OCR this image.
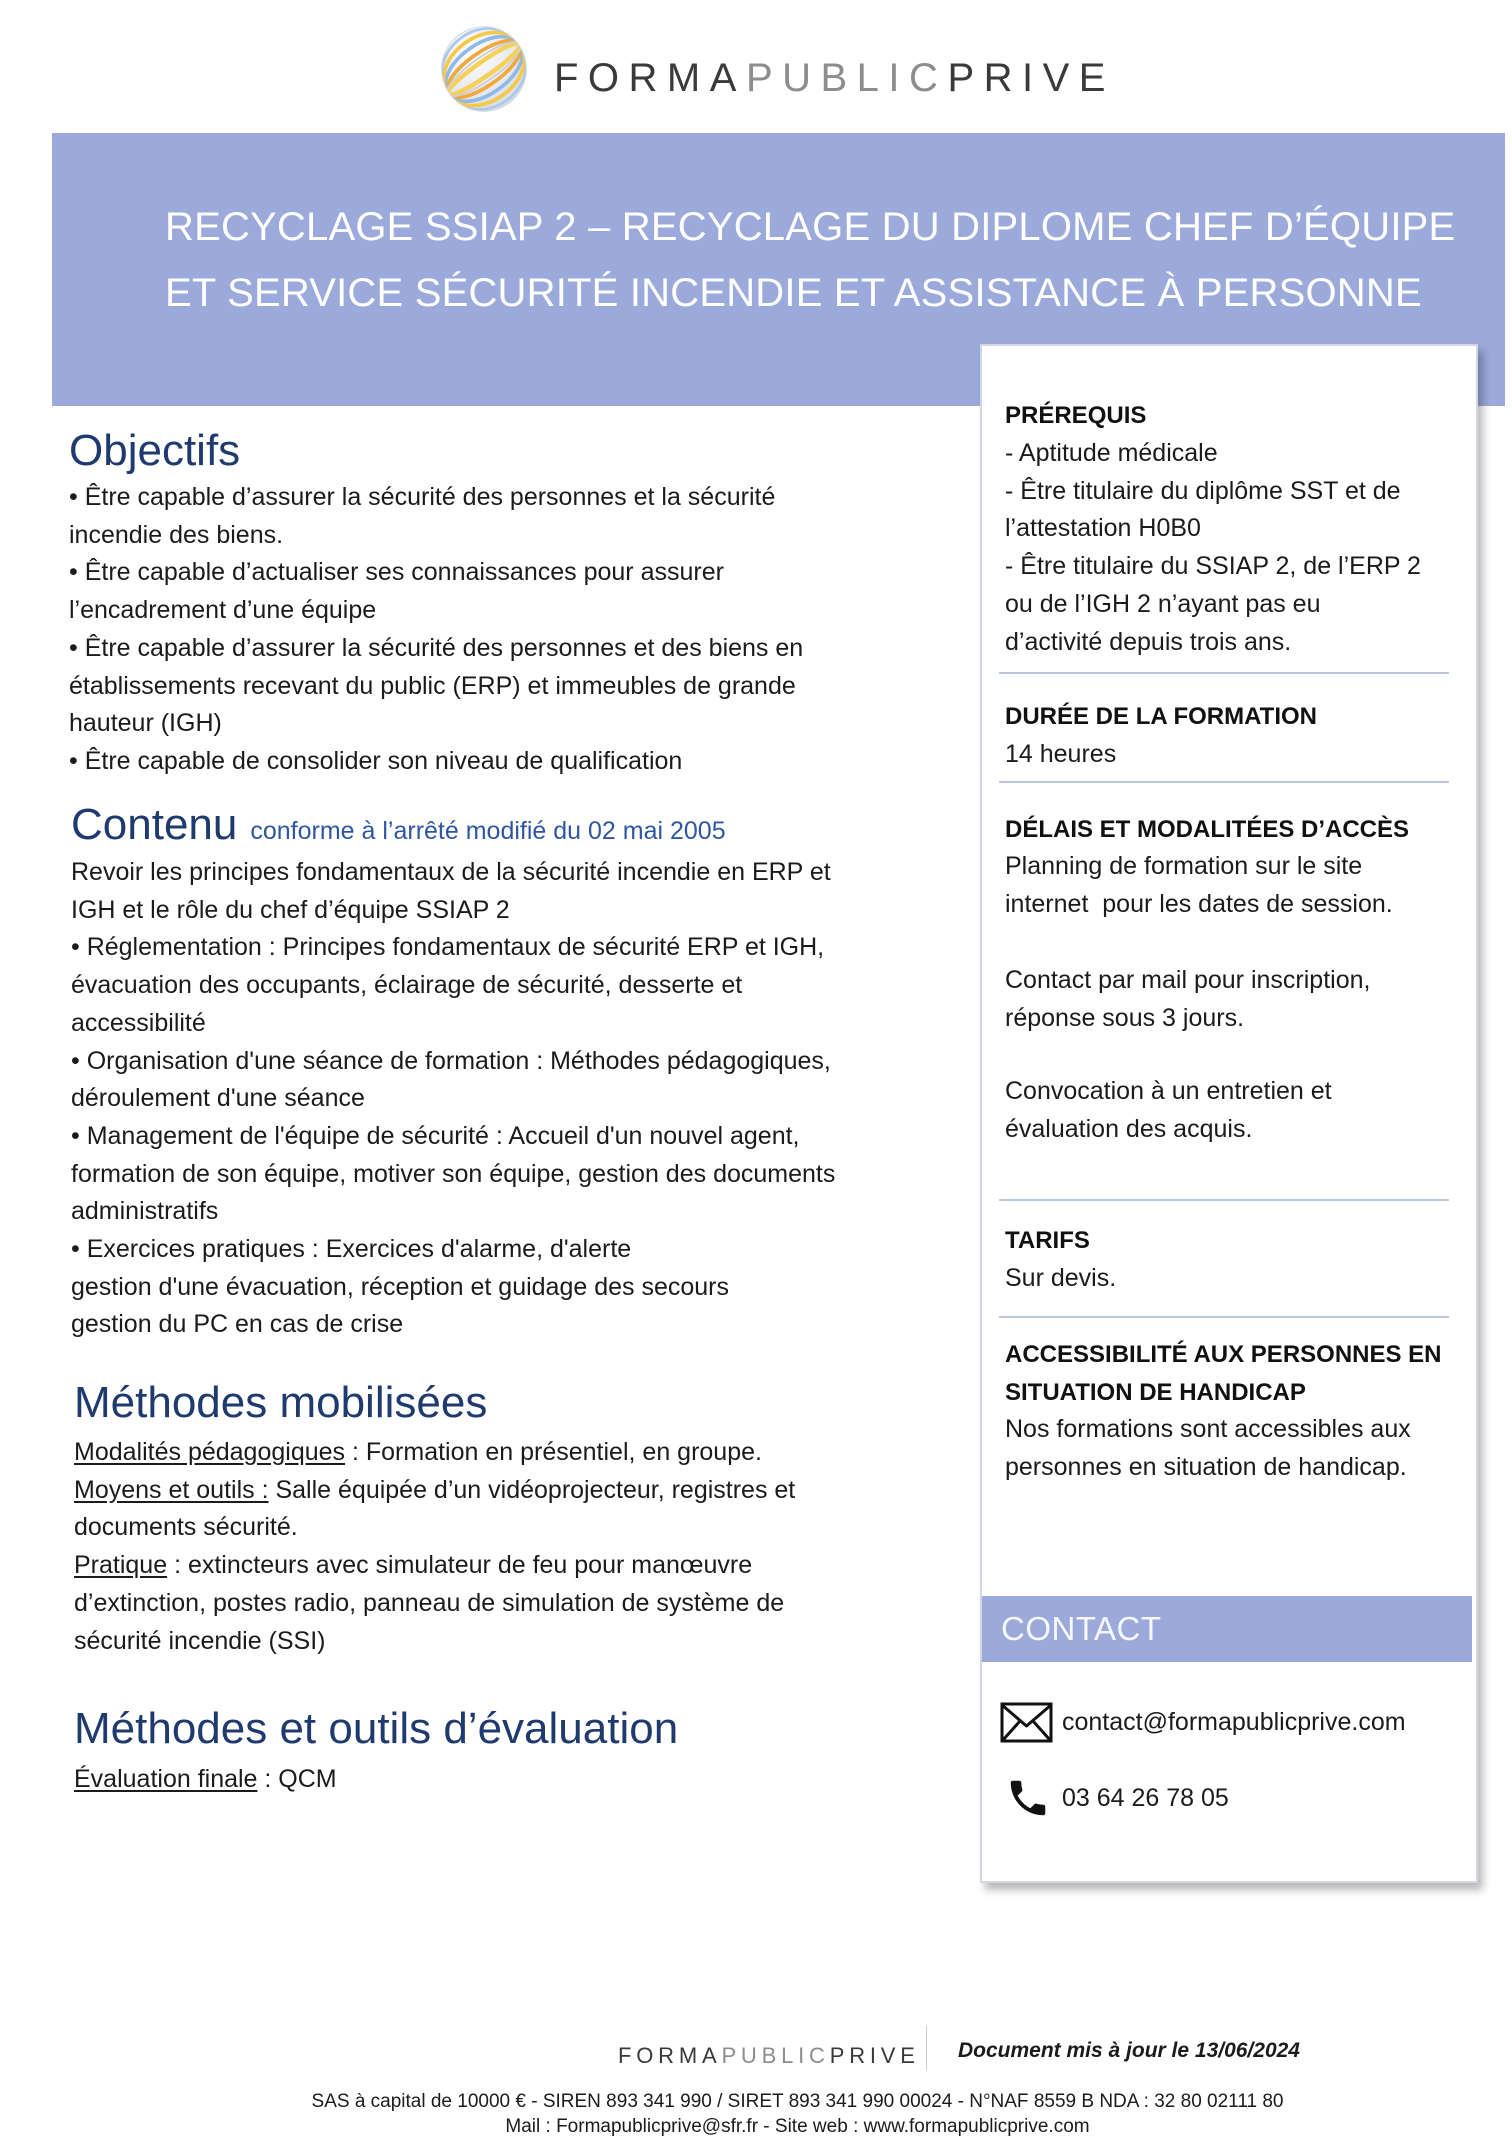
FORMAPUBLICPRIVE
RECYCLAGE SSIAP 2 – RECYCLAGE DU DIPLOME CHEF D’ÉQUIPE
ET SERVICE SÉCURITÉ INCENDIE ET ASSISTANCE À PERSONNE
Objectifs
• Être capable d’assurer la sécurité des personnes et la sécurité
incendie des biens.
• Être capable d’actualiser ses connaissances pour assurer
l’encadrement d’une équipe
• Être capable d’assurer la sécurité des personnes et des biens en
établissements recevant du public (ERP) et immeubles de grande
hauteur (IGH)
• Être capable de consolider son niveau de qualification
Contenu conforme à l’arrêté modifié du 02 mai 2005
Revoir les principes fondamentaux de la sécurité incendie en ERP et
IGH et le rôle du chef d’équipe SSIAP 2
• Réglementation : Principes fondamentaux de sécurité ERP et IGH,
évacuation des occupants, éclairage de sécurité, desserte et
accessibilité
• Organisation d'une séance de formation : Méthodes pédagogiques,
déroulement d'une séance
• Management de l'équipe de sécurité : Accueil d'un nouvel agent,
formation de son équipe, motiver son équipe, gestion des documents
administratifs
• Exercices pratiques : Exercices d'alarme, d'alerte
gestion d'une évacuation, réception et guidage des secours
gestion du PC en cas de crise
Méthodes mobilisées
Modalités pédagogiques : Formation en présentiel, en groupe.
Moyens et outils : Salle équipée d’un vidéoprojecteur, registres et
documents sécurité.
Pratique : extincteurs avec simulateur de feu pour manœuvre
d’extinction, postes radio, panneau de simulation de système de
sécurité incendie (SSI)
Méthodes et outils d’évaluation
Évaluation finale : QCM
PRÉREQUIS
- Aptitude médicale
- Être titulaire du diplôme SST et de
l’attestation H0B0
- Être titulaire du SSIAP 2, de l’ERP 2
ou de l’IGH 2 n’ayant pas eu
d’activité depuis trois ans.
DURÉE DE LA FORMATION
14 heures
DÉLAIS ET MODALITÉES D’ACCÈS
Planning de formation sur le site
internet  pour les dates de session.
Contact par mail pour inscription,
réponse sous 3 jours.
Convocation à un entretien et
évaluation des acquis.
TARIFS
Sur devis.
ACCESSIBILITÉ AUX PERSONNES EN
SITUATION DE HANDICAP
Nos formations sont accessibles aux
personnes en situation de handicap.
CONTACT
contact@formapublicprive.com
03 64 26 78 05
FORMAPUBLICPRIVE Document mis à jour le 13/06/2024
SAS à capital de 10000 € - SIREN 893 341 990 / SIRET 893 341 990 00024 - N°NAF 8559 B NDA : 32 80 02111 80
Mail : Formapublicprive@sfr.fr - Site web : www.formapublicprive.com
